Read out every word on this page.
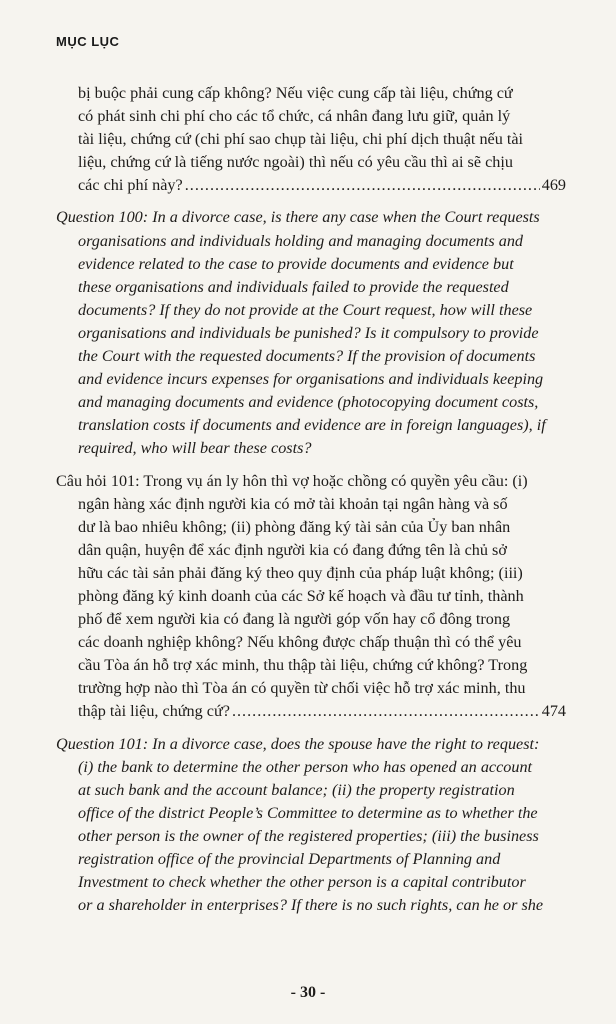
MỤC LỤC
bị buộc phải cung cấp không? Nếu việc cung cấp tài liệu, chứng cứ
có phát sinh chi phí cho các tổ chức, cá nhân đang lưu giữ, quản lý
tài liệu, chứng cứ (chi phí sao chụp tài liệu, chi phí dịch thuật nếu tài
liệu, chứng cứ là tiếng nước ngoài) thì nếu có yêu cầu thì ai sẽ chịu
các chi phí này? .....	469
Question 100: In a divorce case, is there any case when the Court requests
organisations and individuals holding and managing documents and
evidence related to the case to provide documents and evidence but
these organisations and individuals failed to provide the requested
documents? If they do not provide at the Court request, how will these
organisations and individuals be punished? Is it compulsory to provide
the Court with the requested documents? If the provision of documents
and evidence incurs expenses for organisations and individuals keeping
and managing documents and evidence (photocopying document costs,
translation costs if documents and evidence are in foreign languages), if
required, who will bear these costs?
Câu hỏi 101: Trong vụ án ly hôn thì vợ hoặc chồng có quyền yêu cầu: (i)
ngân hàng xác định người kia có mở tài khoản tại ngân hàng và số
dư là bao nhiêu không; (ii) phòng đăng ký tài sản của Ủy ban nhân
dân quận, huyện để xác định người kia có đang đứng tên là chủ sở
hữu các tài sản phải đăng ký theo quy định của pháp luật không; (iii)
phòng đăng ký kinh doanh của các Sở kế hoạch và đầu tư tỉnh, thành
phố để xem người kia có đang là người góp vốn hay cổ đông trong
các doanh nghiệp không? Nếu không được chấp thuận thì có thể yêu
cầu Tòa án hỗ trợ xác minh, thu thập tài liệu, chứng cứ không? Trong
trường hợp nào thì Tòa án có quyền từ chối việc hỗ trợ xác minh, thu
thập tài liệu, chứng cứ? .....	474
Question 101: In a divorce case, does the spouse have the right to request:
(i) the bank to determine the other person who has opened an account
at such bank and the account balance; (ii) the property registration
office of the district People’s Committee to determine as to whether the
other person is the owner of the registered properties; (iii) the business
registration office of the provincial Departments of Planning and
Investment to check whether the other person is a capital contributor
or a shareholder in enterprises? If there is no such rights, can he or she
- 30 -
